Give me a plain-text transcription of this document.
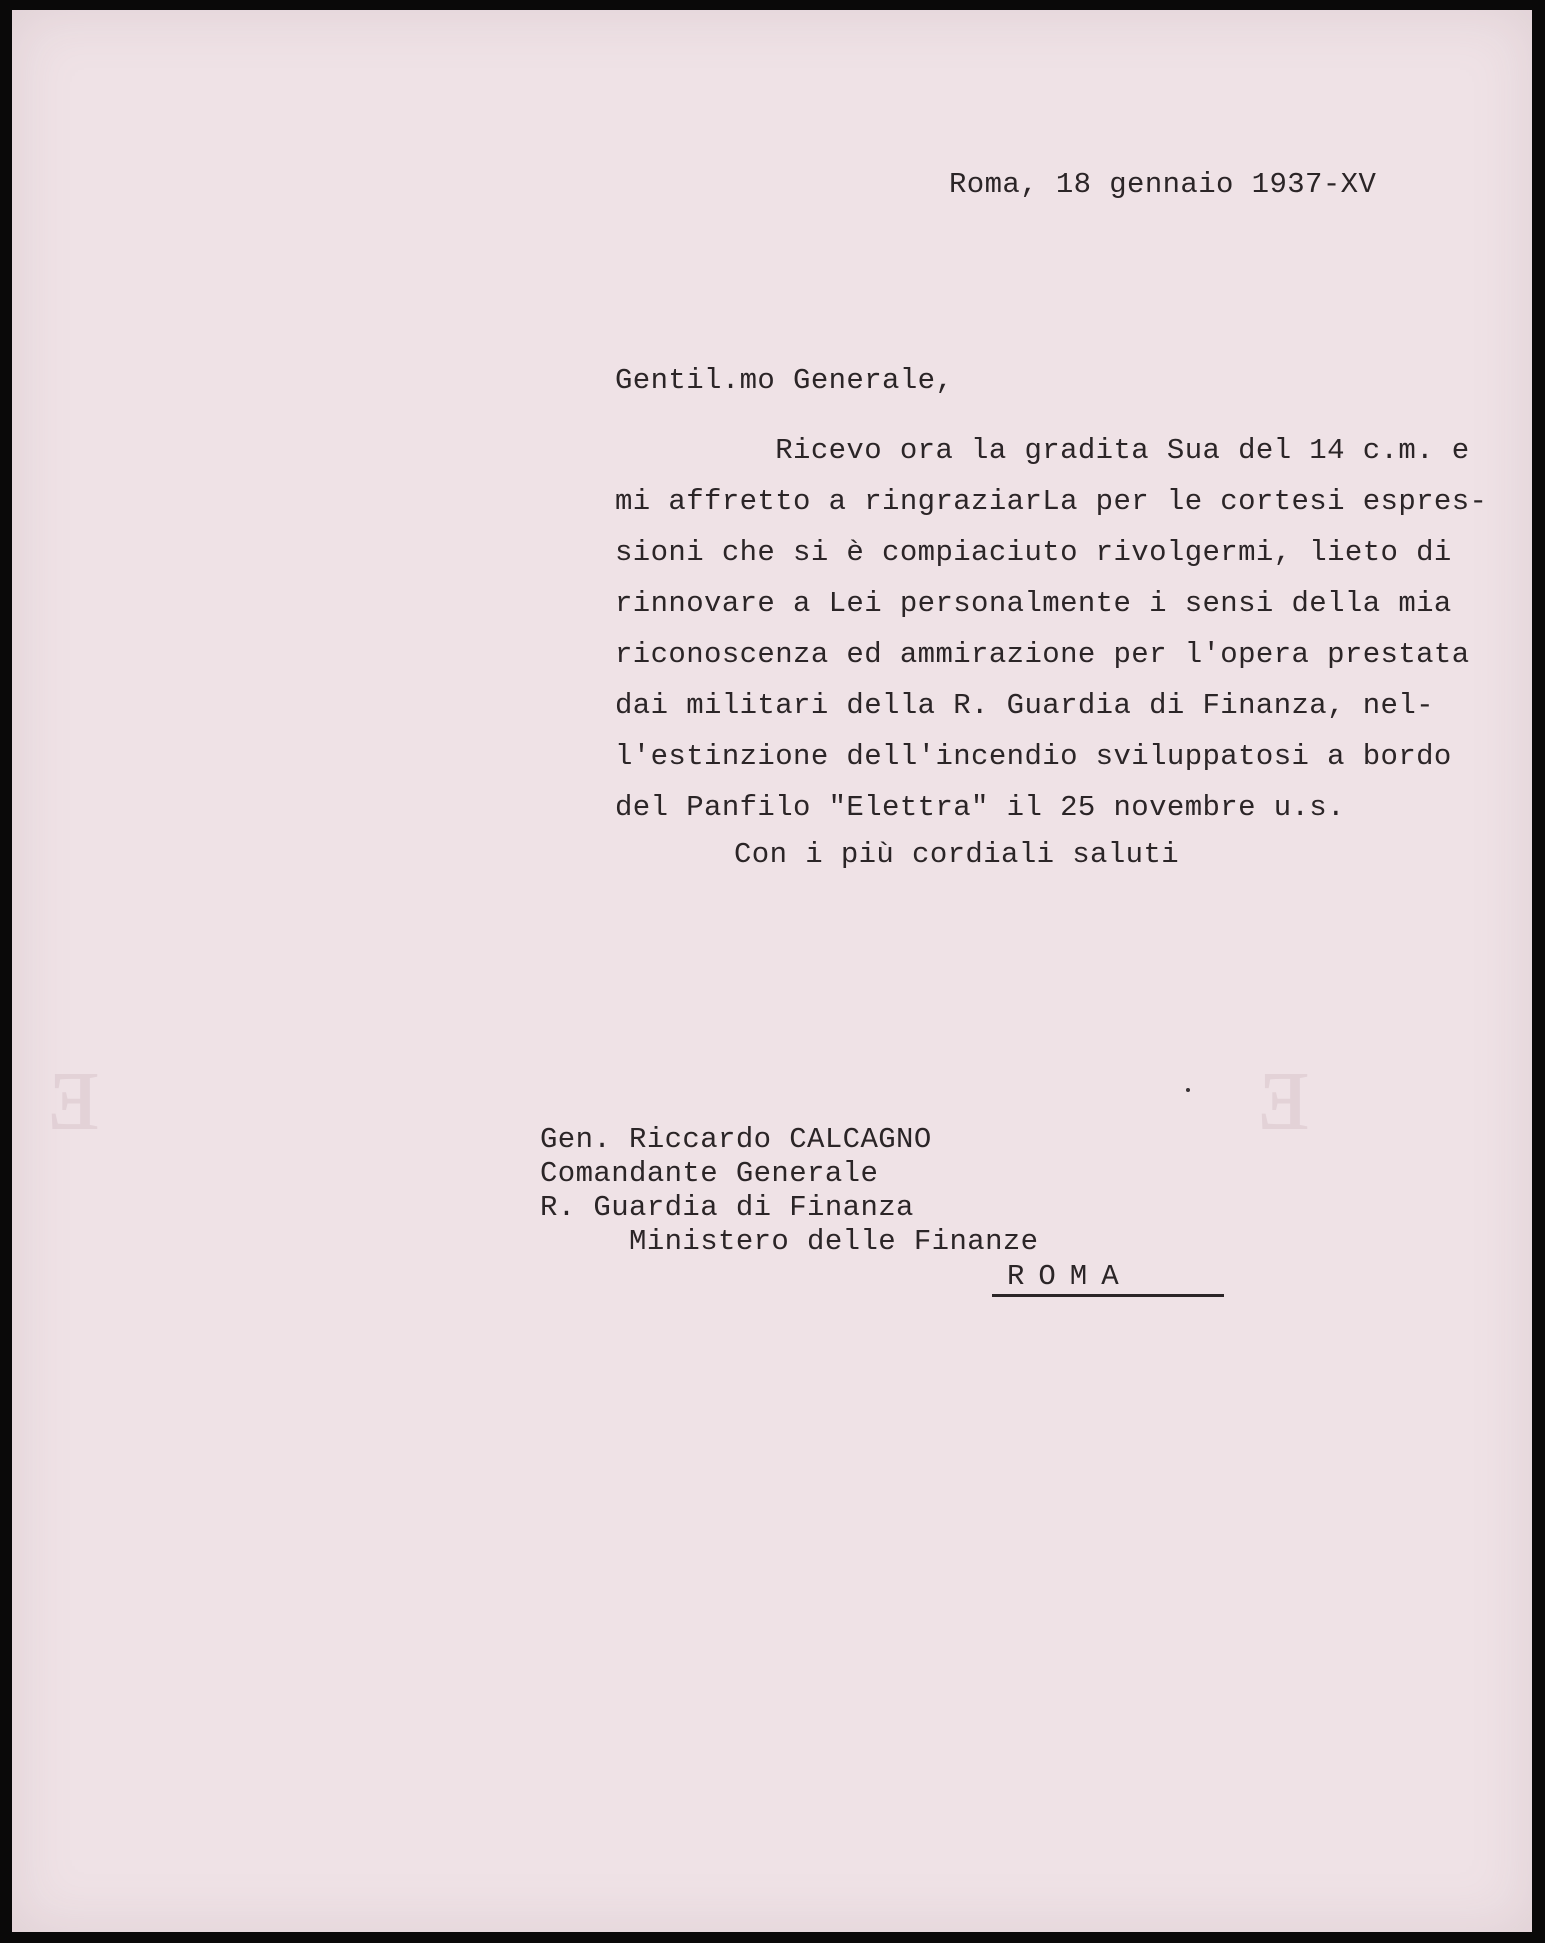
ᴇ	ᴇ
Roma, 18 gennaio 1937-XV
Gentil.mo Generale,
Ricevo ora la gradita Sua del 14 c.m. e
mi affretto a ringraziarLa per le cortesi espres-
sioni che si è compiaciuto rivolgermi, lieto di
rinnovare a Lei personalmente i sensi della mia
riconoscenza ed ammirazione per l'opera prestata
dai militari della R. Guardia di Finanza, nel-
l'estinzione dell'incendio sviluppatosi a bordo
del Panfilo "Elettra" il 25 novembre u.s.
Con i più cordiali saluti
Gen. Riccardo CALCAGNO
Comandante Generale
R. Guardia di Finanza
Ministero delle Finanze
ROMA
